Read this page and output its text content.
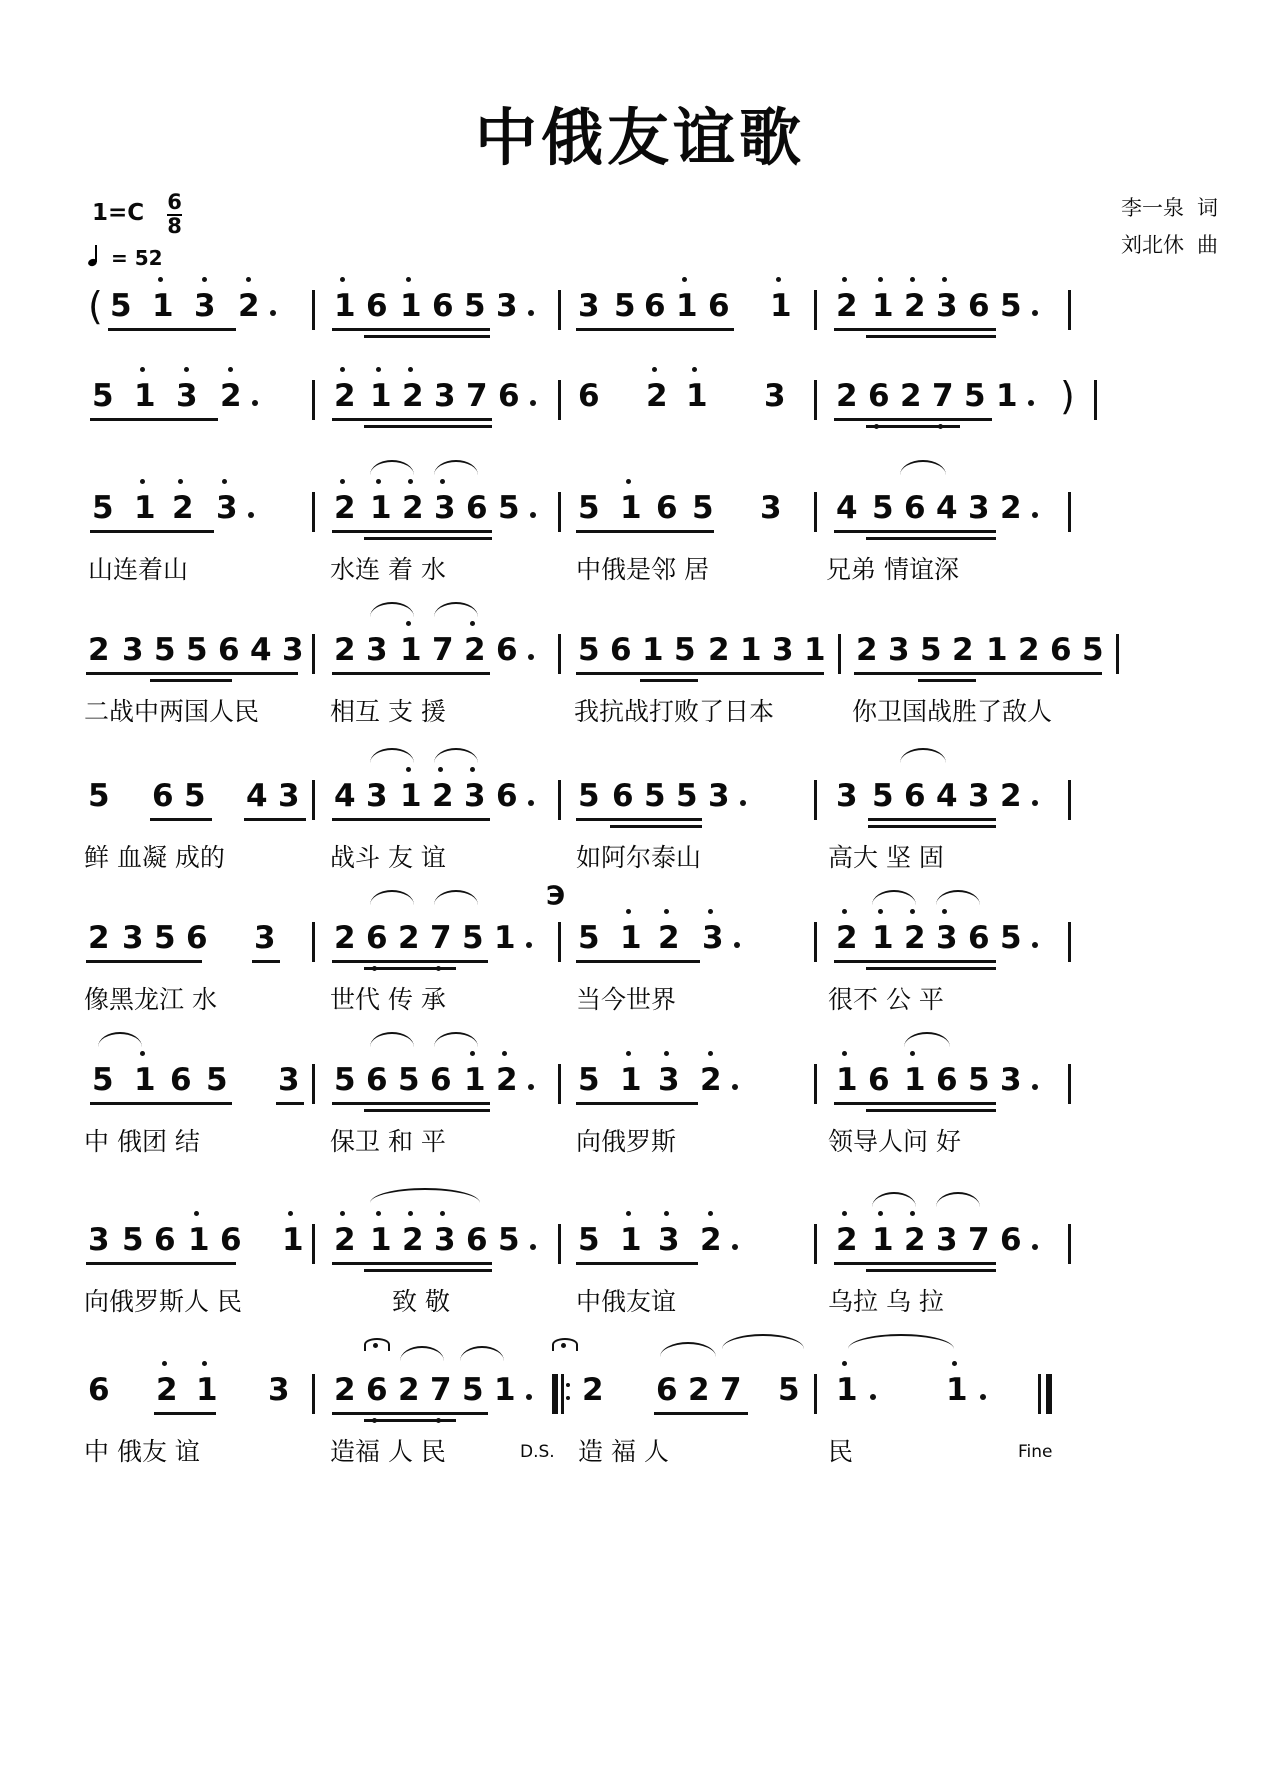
中俄友谊歌
$1=C \frac{6}{8}$
= 52
李一泉 词
刘北休 曲
( 5 1 3 2 1 6 1 6 5 3 3 5 6 1 6 1 2 1 2 3 6 5
5 1 3 2	2 1 2 3 7 6 6 2 1 3 2 6 2 7 5 1 )
5 1 2 3	2 1 2 3 6 5 5 1 6 5 3 4 5 6 4 3 2
山连着山	水连 着 水	中俄是邻 居	兄弟 情谊深
2 3 5 5 6 4 3 2 3 1 7 2 6 5 6 1 5 2 1 3 1 2 3 5 2 1 2 6 5
二战中两国人民	相互 支 援	我抗战打败了日本	你卫国战胜了敌人
5 6 5 4 3 4 3 1 2 3 6 5 6 5 5 3	3 5 6 4 3 2
鲜 血凝 成的	战斗 友 谊	如阿尔泰山	高大 坚 固
2 3 5 6 3 2 6 2 7 5 1
℈
5 1 2 3	2 1 2 3 6 5
像黑龙江 水	世代 传 承	当今世界	很不 公 平
5 1 6 5 3 5 6 5 6 1 2 5 1 3 2	1 6 1 6 5 3
中 俄团 结	保卫 和 平	向俄罗斯	领导人问 好
3 5 6 1 6 1 2 1 2 3 6 5 5 1 3 2	2 1 2 3 7 6
向俄罗斯人 民	致 敬	中俄友谊	乌拉 乌 拉
6 2 1 3 2 6 2 7 5 1 2 6 2 7 5 1	1
中 俄友 谊	造福 人 民	D.S. 造 福 人	民	Fine
